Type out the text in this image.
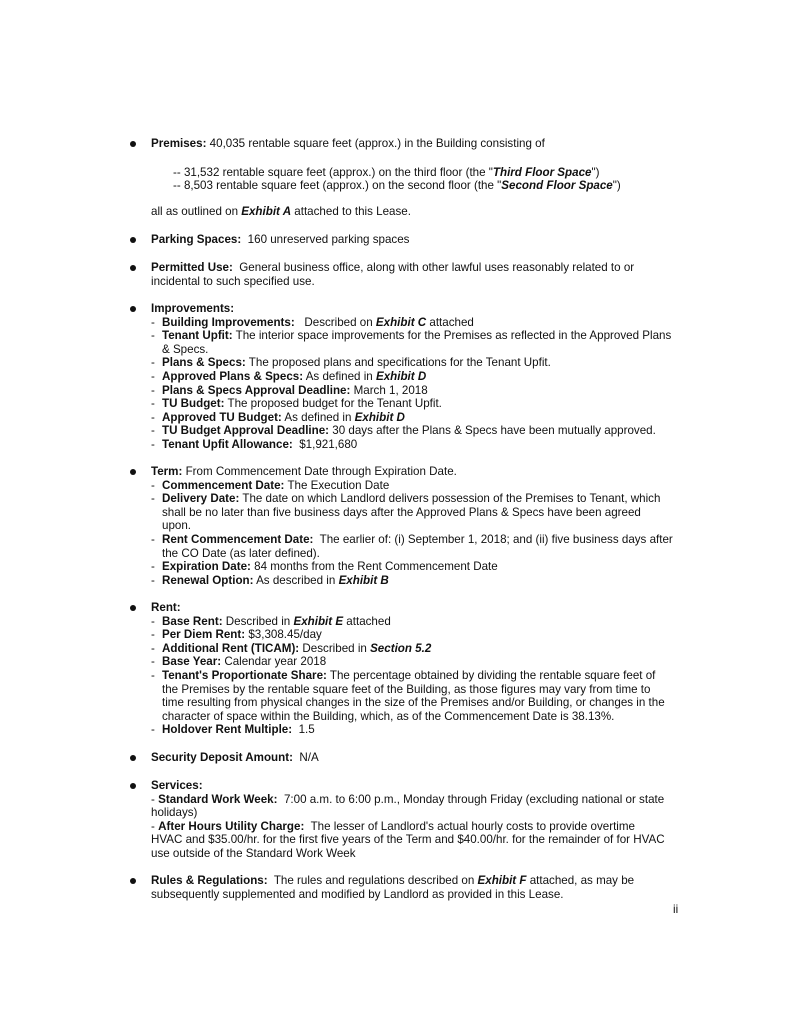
Premises: 40,035 rentable square feet (approx.) in the Building consisting of
-- 31,532 rentable square feet (approx.) on the third floor (the "Third Floor Space")
-- 8,503 rentable square feet (approx.) on the second floor (the "Second Floor Space")
all as outlined on Exhibit A attached to this Lease.
Parking Spaces: 160 unreserved parking spaces
Permitted Use: General business office, along with other lawful uses reasonably related to or
incidental to such specified use.
Improvements:
- Building Improvements: Described on Exhibit C attached
- Tenant Upfit: The interior space improvements for the Premises as reflected in the Approved Plans
& Specs.
- Plans & Specs: The proposed plans and specifications for the Tenant Upfit.
- Approved Plans & Specs: As defined in Exhibit D
- Plans & Specs Approval Deadline: March 1, 2018
- TU Budget: The proposed budget for the Tenant Upfit.
- Approved TU Budget: As defined in Exhibit D
- TU Budget Approval Deadline: 30 days after the Plans & Specs have been mutually approved.
- Tenant Upfit Allowance: $1,921,680
Term: From Commencement Date through Expiration Date.
- Commencement Date: The Execution Date
- Delivery Date: The date on which Landlord delivers possession of the Premises to Tenant, which
shall be no later than five business days after the Approved Plans & Specs have been agreed
upon.
- Rent Commencement Date: The earlier of: (i) September 1, 2018; and (ii) five business days after
the CO Date (as later defined).
- Expiration Date: 84 months from the Rent Commencement Date
- Renewal Option: As described in Exhibit B
Rent:
- Base Rent: Described in Exhibit E attached
- Per Diem Rent: $3,308.45/day
- Additional Rent (TICAM): Described in Section 5.2
- Base Year: Calendar year 2018
- Tenant's Proportionate Share: The percentage obtained by dividing the rentable square feet of
the Premises by the rentable square feet of the Building, as those figures may vary from time to
time resulting from physical changes in the size of the Premises and/or Building, or changes in the
character of space within the Building, which, as of the Commencement Date is 38.13%.
- Holdover Rent Multiple: 1.5
Security Deposit Amount: N/A
Services:
- Standard Work Week: 7:00 a.m. to 6:00 p.m., Monday through Friday (excluding national or state
holidays)
- After Hours Utility Charge: The lesser of Landlord's actual hourly costs to provide overtime
HVAC and $35.00/hr. for the first five years of the Term and $40.00/hr. for the remainder of for HVAC
use outside of the Standard Work Week
Rules & Regulations: The rules and regulations described on Exhibit F attached, as may be
subsequently supplemented and modified by Landlord as provided in this Lease.
ii
